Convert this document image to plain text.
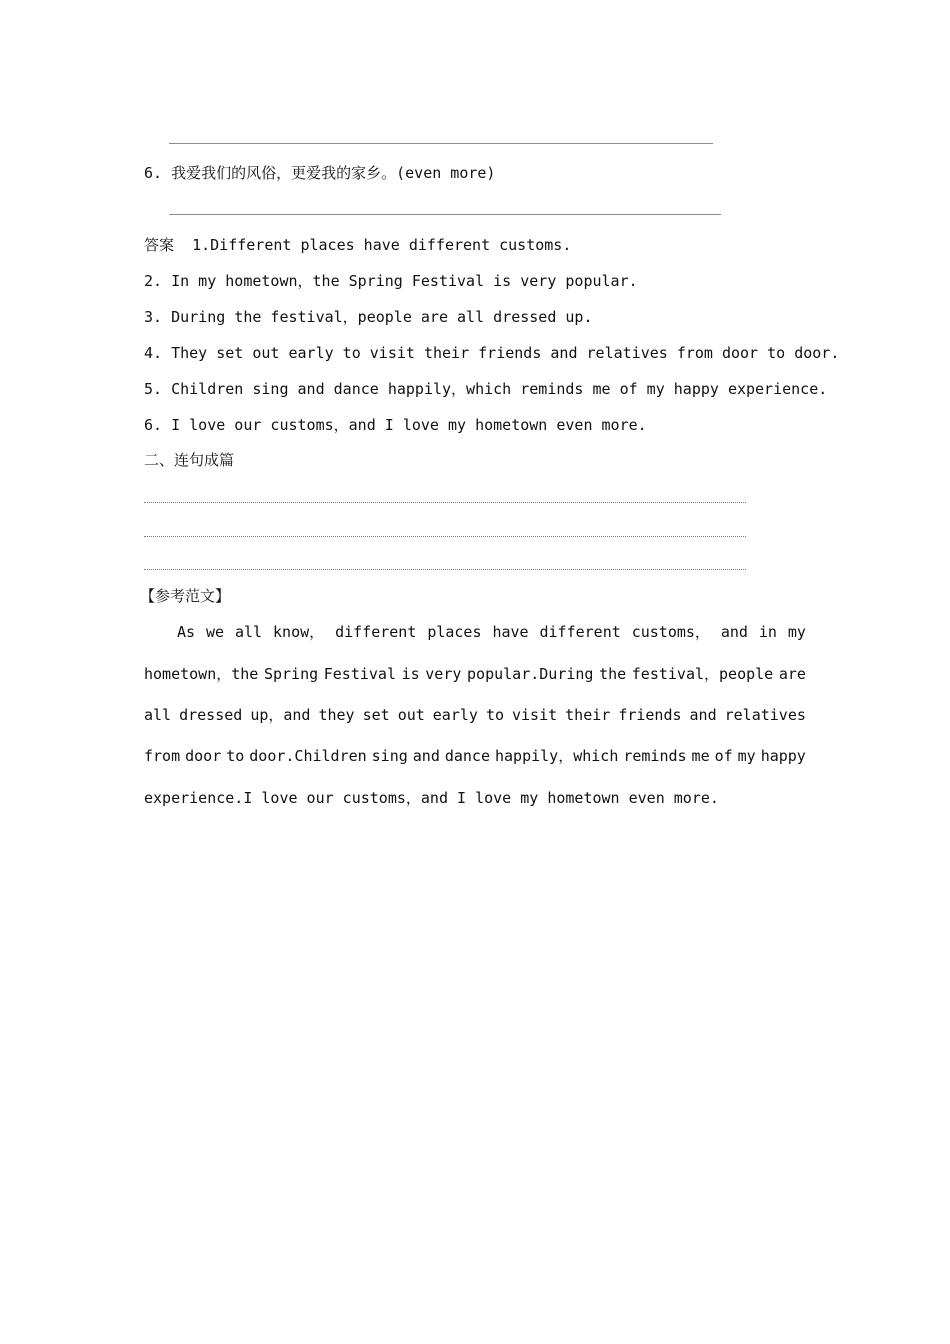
6. 我爱我们的风俗，更爱我的家乡。(even more)
答案 1.Different places have different customs.
2. In my hometown，the Spring Festival is very popular.
3. During the festival，people are all dressed up.
4. They set out early to visit their friends and relatives from door to door.
5. Children sing and dance happily，which reminds me of my happy experience.
6. I love our customs，and I love my hometown even more.
二、连句成篇
【参考范文】
As we all know， different places have different customs， and in my
hometown，the Spring Festival is very popular.During the festival，people are
all dressed up，and they set out early to visit their friends and relatives
from door to door.Children sing and dance happily，which reminds me of my happy
experience.I love our customs，and I love my hometown even more.
